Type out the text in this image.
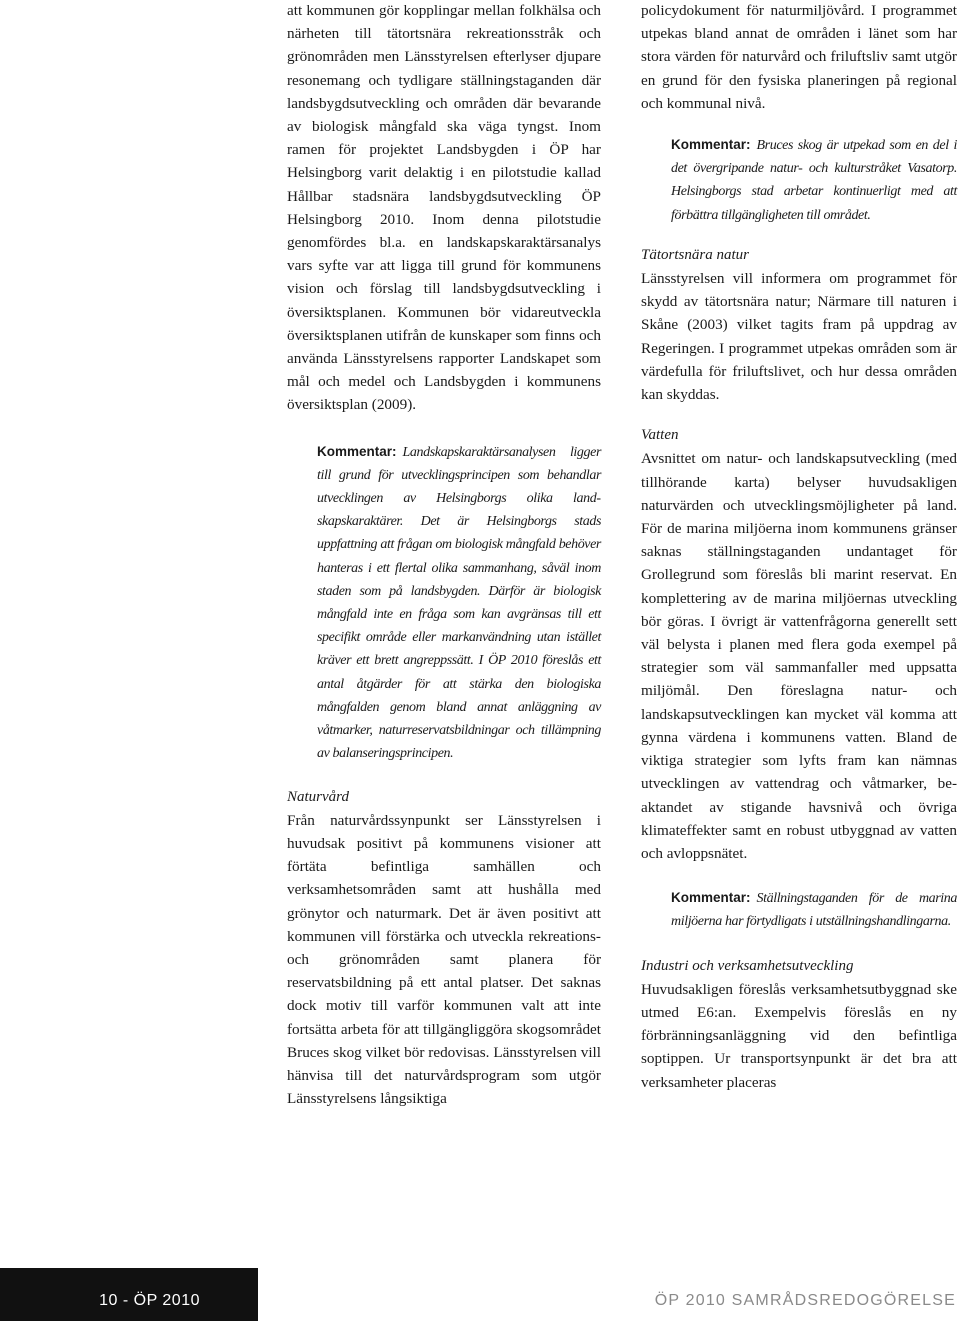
att kommunen gör kopplingar mellan folkhälsa och närheten till tätortsnära rekreationsstråk och grönområden men Länsstyrelsen efterlyser djupare resonemang och tydligare ställningstaganden där landsbygdsutveckling och områden där bevarande av biologisk mångfald ska väga tyngst. Inom ramen för projektet Landsbygden i ÖP har Helsingborg varit delaktig i en pilotstudie kallad Hållbar stadsnära landsbygdsutveckling ÖP Helsingborg 2010. Inom denna pilotstudie genomfördes bl.a. en landskapskaraktärsanalys vars syfte var att ligga till grund för kommunens vision och förslag till landsbygdsutveckling i översiktsplanen. Kommunen bör vidareutveckla översiktsplanen utifrån de kunskaper som finns och använda Länsstyrelsens rapporter Landskapet som mål och medel och Landsbygden i kommunens översiktsplan (2009).

Kommentar: Landskapskaraktärsanalysen ligger till grund för utvecklingsprincipen som behandlar utvecklingen av Helsingborgs olika landskapskaraktärer. Det är Helsingborgs stads uppfattning att frågan om biologisk mångfald behöver hanteras i ett flertal olika sammanhang, såväl inom staden som på landsbygden. Därför är biologisk mångfald inte en fråga som kan avgränsas till ett specifikt område eller markanvändning utan istället kräver ett brett angreppssätt. I ÖP 2010 föreslås ett antal åtgärder för att stärka den biologiska mångfalden genom bland annat anläggning av våtmarker, naturreservatsbildningar och tillämpning av balanseringsprincipen.

Naturvård

Från naturvårdssynpunkt ser Länsstyrelsen i huvudsak positivt på kommunens visioner att förtäta befintliga samhällen och verksamhetsområden samt att hushålla med grönytor och naturmark. Det är även positivt att kommunen vill förstärka och utveckla rekreations- och grönområden samt planera för reservatsbildning på ett antal platser. Det saknas dock motiv till varför kommunen valt att inte fortsätta arbeta för att tillgängliggöra skogsområdet Bruces skog vilket bör redovisas. Länsstyrelsen vill hänvisa till det naturvårdsprogram som utgör Länsstyrelsens långsiktiga

policydokument för naturmiljövård. I programmet utpekas bland annat de områden i länet som har stora värden för naturvård och friluftsliv samt utgör en grund för den fysiska planeringen på regional och kommunal nivå.

Kommentar: Bruces skog är utpekad som en del i det övergripande natur- och kulturstråket Vasatorp. Helsingborgs stad arbetar kontinuerligt med att förbättra tillgängligheten till området.

Tätortsnära natur

Länsstyrelsen vill informera om programmet för skydd av tätortsnära natur; Närmare till naturen i Skåne (2003) vilket tagits fram på uppdrag av Regeringen. I programmet utpekas områden som är värdefulla för friluftslivet, och hur dessa områden kan skyddas.

Vatten

Avsnittet om natur- och landskapsutveckling (med tillhörande karta) belyser huvudsakligen naturvärden och utvecklingsmöjligheter på land. För de marina miljöerna inom kommunens gränser saknas ställningstaganden undantaget för Grollegrund som föreslås bli marint reservat. En komplettering av de marina miljöernas utveckling bör göras. I övrigt är vattenfrågorna generellt sett väl belysta i planen med flera goda exempel på strategier som väl sammanfaller med uppsatta miljömål. Den föreslagna natur- och landskapsutvecklingen kan mycket väl komma att gynna värdena i kommunens vatten. Bland de viktiga strategier som lyfts fram kan nämnas utvecklingen av vattendrag och våtmarker, beaktandet av stigande havsnivå och övriga klimateffekter samt en robust utbyggnad av vatten och avloppsnätet.

Kommentar: Ställningstaganden för de marina miljöerna har förtydligats i utställningshandlingarna.

Industri och verksamhetsutveckling

Huvudsakligen föreslås verksamhetsutbyggnad ske utmed E6:an. Exempelvis föreslås en ny förbränningsanläggning vid den befintliga soptippen. Ur transportsynpunkt är det bra att verksamheter placeras

10 - ÖP 2010	ÖP 2010 SAMRÅDSREDOGÖRELSE
